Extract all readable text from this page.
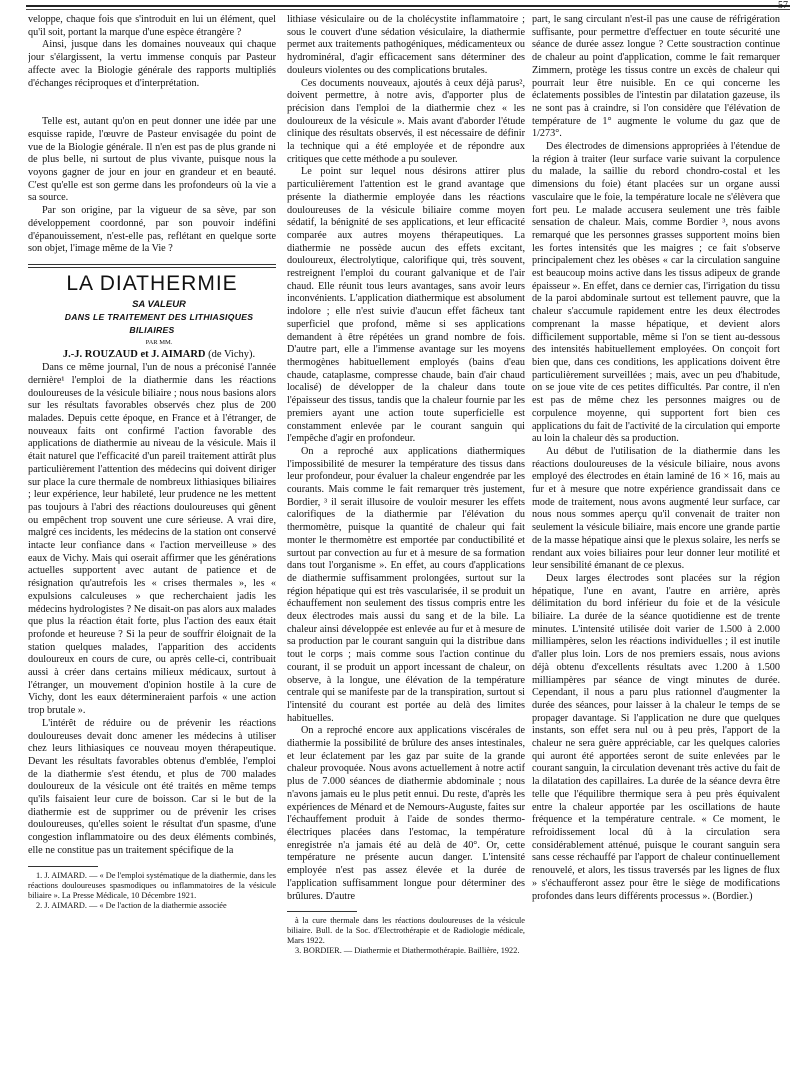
57

veloppe, chaque fois que s'introduit en lui un élément, quel qu'il soit, portant la marque d'une espèce étrangère ?

Ainsi, jusque dans les domaines nouveaux qui chaque jour s'élargissent, la vertu immense conquis par Pasteur affecte avec la Biologie générale des rapports multipliés d'échanges réciproques et d'interprétation.

Telle est, autant qu'on en peut donner une idée par une esquisse rapide, l'œuvre de Pasteur envisagée du point de vue de la Biologie générale. Il n'en est pas de plus grande ni de plus belle, ni surtout de plus vivante, puisque nous la voyons gagner de jour en jour en grandeur et en beauté. C'est qu'elle est son germe dans les profondeurs où la vie a sa source.

Par son origine, par la vigueur de sa sève, par son développement coordonné, par son pouvoir indéfini d'épanouissement, n'est-elle pas, reflétant en quelque sorte son objet, l'image même de la Vie ?

LA DIATHERMIE

SA VALEUR

DANS LE TRAITEMENT DES LITHIASIQUES BILIAIRES

PAR MM.

J.-J. ROUZAUD et J. AIMARD (de Vichy).

Dans ce même journal, l'un de nous a préconisé l'année dernière¹ l'emploi de la diathermie dans les réactions douloureuses de la vésicule biliaire ; nous nous basions alors sur les résultats favorables observés chez plus de 200 malades. Depuis cette époque, en France et à l'étranger, de nouveaux faits ont confirmé l'action favorable des applications de diathermie au niveau de la vésicule. Mais il était naturel que l'efficacité d'un pareil traitement attirât plus particulièrement l'attention des médecins qui doivent diriger sur place la cure thermale de nombreux lithiasiques biliaires ; leur expérience, leur habileté, leur prudence ne les mettent pas toujours à l'abri des réactions douloureuses qui gênent ou empêchent trop souvent une cure sérieuse. A vrai dire, malgré ces incidents, les médecins de la station ont conservé intacte leur confiance dans « l'action merveilleuse » des eaux de Vichy. Mais qui oserait affirmer que les générations actuelles supportent avec autant de patience et de résignation qu'autrefois les « crises thermales », les « expulsions calculeuses » que recherchaient jadis les médecins hydrologistes ? Ne disait-on pas alors aux malades que plus la réaction était forte, plus l'action des eaux était profonde et heureuse ? Si la peur de souffrir éloignait de la station quelques malades, l'apparition des accidents douloureux en cours de cure, ou après celle-ci, contribuait aussi à créer dans certains milieux médicaux, surtout à l'étranger, un mouvement d'opinion hostile à la cure de Vichy, dont les eaux détermineraient parfois « une action trop brutale ».

L'intérêt de réduire ou de prévenir les réactions douloureuses devait donc amener les médecins à utiliser chez leurs lithiasiques ce nouveau moyen thérapeutique. Devant les résultats favorables obtenus d'emblée, l'emploi de la diathermie s'est étendu, et plus de 700 malades douloureux de la vésicule ont été traités en même temps qu'ils faisaient leur cure de boisson. Car si le but de la diathermie est de supprimer ou de prévenir les crises douloureuses, qu'elles soient le résultat d'un spasme, d'une congestion inflammatoire ou des deux éléments combinés, elle ne constitue pas un traitement spécifique de la

1. J. AIMARD. — « De l'emploi systématique de la diathermie, dans les réactions douloureuses spasmodiques ou inflammatoires de la vésicule biliaire ». La Presse Médicale, 10 Décembre 1921.

2. J. AIMARD. — « De l'action de la diathermie associée

lithiase vésiculaire ou de la cholécystite inflammatoire ; sous le couvert d'une sédation vésiculaire, la diathermie permet aux traitements pathogéniques, médicamenteux ou hydrominéral, d'agir efficacement sans déterminer des douleurs violentes ou des complications brutales.

Ces documents nouveaux, ajoutés à ceux déjà parus², doivent permettre, à notre avis, d'apporter plus de précision dans l'emploi de la diathermie chez « les douloureux de la vésicule ». Mais avant d'aborder l'étude clinique des résultats observés, il est nécessaire de définir la technique qui a été employée et de répondre aux critiques que cette méthode a pu soulever.

Le point sur lequel nous désirons attirer plus particulièrement l'attention est le grand avantage que présente la diathermie employée dans les réactions douloureuses de la vésicule biliaire comme moyen sédatif, la bénignité de ses applications, et leur efficacité comparée aux autres moyens thérapeutiques. La diathermie ne possède aucun des effets excitant, douloureux, électrolytique, calorifique qui, très souvent, restreignent l'emploi du courant galvanique et de l'air chaud. Elle réunit tous leurs avantages, sans avoir leurs inconvénients. L'application diathermique est absolument indolore ; elle n'est suivie d'aucun effet fâcheux tant superficiel que profond, même si ses applications demandent à être répétées un grand nombre de fois. D'autre part, elle a l'immense avantage sur les moyens thermogènes habituellement employés (bains d'eau chaude, cataplasme, compresse chaude, bain d'air chaud localisé) de développer de la chaleur dans toute l'épaisseur des tissus, tandis que la chaleur fournie par les premiers ayant une action toute superficielle est constamment enlevée par le courant sanguin qui l'empêche d'agir en profondeur.

On a reproché aux applications diathermiques l'impossibilité de mesurer la température des tissus dans leur profondeur, pour évaluer la chaleur engendrée par les courants. Mais comme le fait remarquer très justement, Bordier, ³ il serait illusoire de vouloir mesurer les effets calorifiques de la diathermie par l'élévation du thermomètre, puisque la quantité de chaleur qui fait monter le thermomètre est emportée par conductibilité et surtout par convection au fur et à mesure de sa formation dans tout l'organisme ». En effet, au cours d'applications de diathermie suffisamment prolongées, surtout sur la région hépatique qui est très vascularisée, il se produit un échauffement non seulement des tissus compris entre les deux électrodes mais aussi du sang et de la bile. La chaleur ainsi développée est enlevée au fur et à mesure de sa production par le courant sanguin qui la distribue dans tout le corps ; mais comme sous l'action continue du courant, il se produit un apport incessant de chaleur, on observe, à la longue, une élévation de la température centrale qui se manifeste par de la transpiration, surtout si l'intensité du courant est portée au delà des limites habituelles.

On a reproché encore aux applications viscérales de diathermie la possibilité de brûlure des anses intestinales, et leur éclatement par les gaz par suite de la grande chaleur provoquée. Nous avons actuellement à notre actif plus de 7.000 séances de diathermie abdominale ; nous n'avons jamais eu le plus petit ennui. Du reste, d'après les expériences de Ménard et de Nemours-Auguste, faites sur l'échauffement produit à l'aide de sondes thermo-électriques placées dans l'estomac, la température enregistrée n'a jamais été au delà de 40°. Or, cette température ne présente aucun danger. L'intensité employée n'est pas assez élevée et la durée de l'application suffisamment longue pour déterminer des brûlures. D'autre

à la cure thermale dans les réactions douloureuses de la vésicule biliaire. Bull. de la Soc. d'Electrothérapie et de Radiologie médicale, Mars 1922.

3. BORDIER. — Diathermie et Diathermothérapie. Baillière, 1922.

part, le sang circulant n'est-il pas une cause de réfrigération suffisante, pour permettre d'effectuer en toute sécurité une séance de durée assez longue ? Cette soustraction continue de chaleur au point d'application, comme le fait remarquer Zimmern, protège les tissus contre un excès de chaleur qui pourrait leur être nuisible. En ce qui concerne les éclatements possibles de l'intestin par dilatation gazeuse, ils ne sont pas à craindre, si l'on considère que l'élévation de température de 1° augmente le volume du gaz que de 1/273°.

Des électrodes de dimensions appropriées à l'étendue de la région à traiter (leur surface varie suivant la corpulence du malade, la saillie du rebord chondro-costal et les dimensions du foie) étant placées sur un organe aussi vasculaire que le foie, la température locale ne s'élèvera que fort peu. Le malade accusera seulement une très faible sensation de chaleur. Mais, comme Bordier ³, nous avons remarqué que les personnes grasses supportent moins bien les fortes intensités que les maigres ; ce fait s'observe principalement chez les obèses « car la circulation sanguine est beaucoup moins active dans les tissus adipeux de grande épaisseur ». En effet, dans ce dernier cas, l'irrigation du tissu de la paroi abdominale surtout est tellement pauvre, que la chaleur s'accumule rapidement entre les deux électrodes comprenant la masse hépatique, et devient alors difficilement supportable, même si l'on se tient au-dessous des intensités habituellement employées. On conçoit fort bien que, dans ces conditions, les applications doivent être particulièrement surveillées ; mais, avec un peu d'habitude, on se joue vite de ces petites difficultés. Par contre, il n'en est pas de même chez les personnes maigres ou de corpulence moyenne, qui supportent fort bien ces applications du fait de l'activité de la circulation qui emporte au loin la chaleur dès sa production.

Au début de l'utilisation de la diathermie dans les réactions douloureuses de la vésicule biliaire, nous avons employé des électrodes en étain laminé de 16 × 16, mais au fur et à mesure que notre expérience grandissait dans ce mode de traitement, nous avons augmenté leur surface, car nous nous sommes aperçu qu'il convenait de traiter non seulement la vésicule biliaire, mais encore une grande partie de la masse hépatique ainsi que le plexus solaire, les nerfs se rendant aux voies biliaires pour leur donner leur motilité et leur sensibilité émanant de ce plexus.

Deux larges électrodes sont placées sur la région hépatique, l'une en avant, l'autre en arrière, après délimitation du bord inférieur du foie et de la vésicule biliaire. La durée de la séance quotidienne est de trente minutes. L'intensité utilisée doit varier de 1.500 à 2.000 milliampères, selon les réactions individuelles ; il est inutile d'aller plus loin. Lors de nos premiers essais, nous avions déjà obtenu d'excellents résultats avec 1.200 à 1.500 milliampères par séance de vingt minutes de durée. Cependant, il nous a paru plus rationnel d'augmenter la durée des séances, pour laisser à la chaleur le temps de se propager davantage. Si l'application ne dure que quelques instants, son effet sera nul ou à peu près, l'apport de la chaleur ne sera guère appréciable, car les quelques calories qui auront été apportées seront de suite enlevées par le courant sanguin, la circulation devenant très active du fait de la dilatation des capillaires. La durée de la séance devra être telle que l'équilibre thermique sera à peu près équivalent entre la chaleur apportée par les oscillations de haute fréquence et la température centrale. « Ce moment, le refroidissement local dû à la circulation sera considérablement atténué, puisque le courant sanguin sera sans cesse réchauffé par l'apport de chaleur continuellement renouvelé, et alors, les tissus traversés par les lignes de flux » s'échaufferont assez pour être le siège de modifications profondes dans leurs différents processus ». (Bordier.)
